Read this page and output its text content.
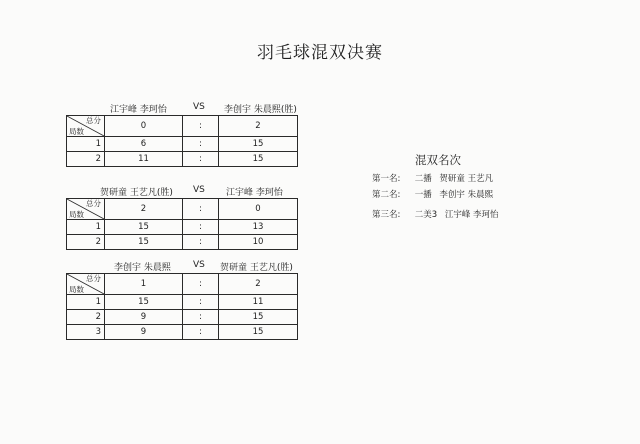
羽毛球混双决赛
江宇峰 李珂怡	VS 李创宇 朱晨熙(胜)
总分
局数	0	:	2
1	6	:	15
2	11	:	15
贺研童 王艺凡(胜) VS 江宇峰 李珂怡
总分
局数	2	:	0
1	15	:	13
2	15	:	10
李创宇 朱晨熙 VS 贺研童 王艺凡(胜)
总分
局数	1	:	2
1	15	:	11
2	9	:	15
3	9	:	15
混双名次
第一名: 二播 贺研童 王艺凡
第二名: 一播 李创宇 朱晨熙
第三名: 二美3 江宇峰 李珂怡
